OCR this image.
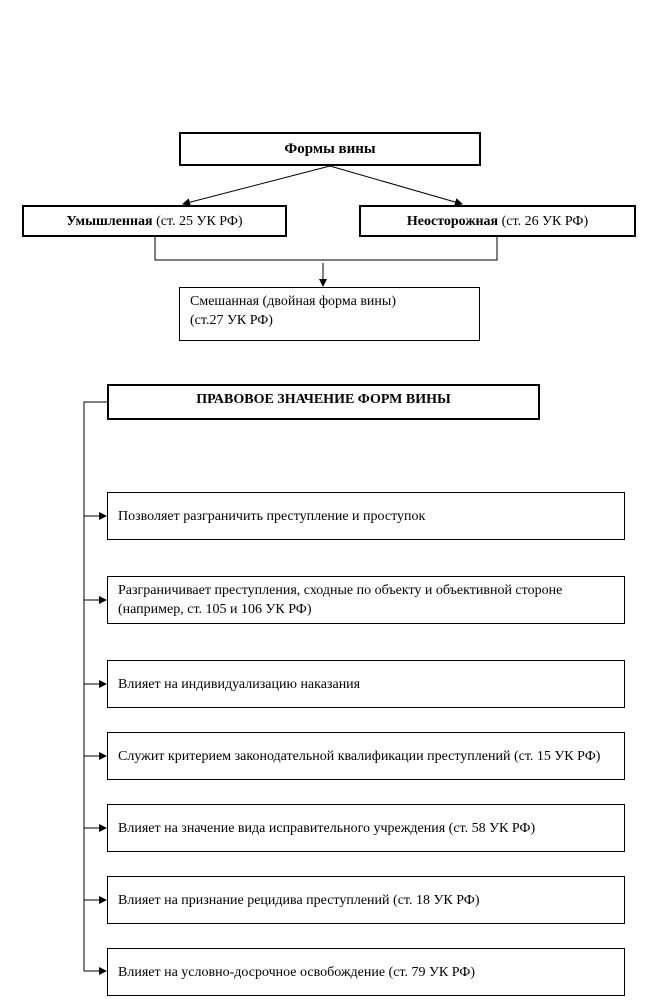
Формы вины
Умышленная (ст. 25 УК РФ)	Неосторожная (ст. 26 УК РФ)
Смешанная (двойная форма вины)
(ст.27 УК РФ)
ПРАВОВОЕ ЗНАЧЕНИЕ ФОРМ ВИНЫ
Позволяет разграничить преступление и проступок
Разграничивает преступления, сходные по объекту и объективной стороне (например, ст. 105 и 106 УК РФ)
Влияет на индивидуализацию наказания
Служит критерием законодательной квалификации преступлений (ст. 15 УК РФ)
Влияет на значение вида исправительного учреждения (ст. 58 УК РФ)
Влияет на признание рецидива преступлений (ст. 18 УК РФ)
Влияет на условно-досрочное освобождение (ст. 79 УК РФ)
